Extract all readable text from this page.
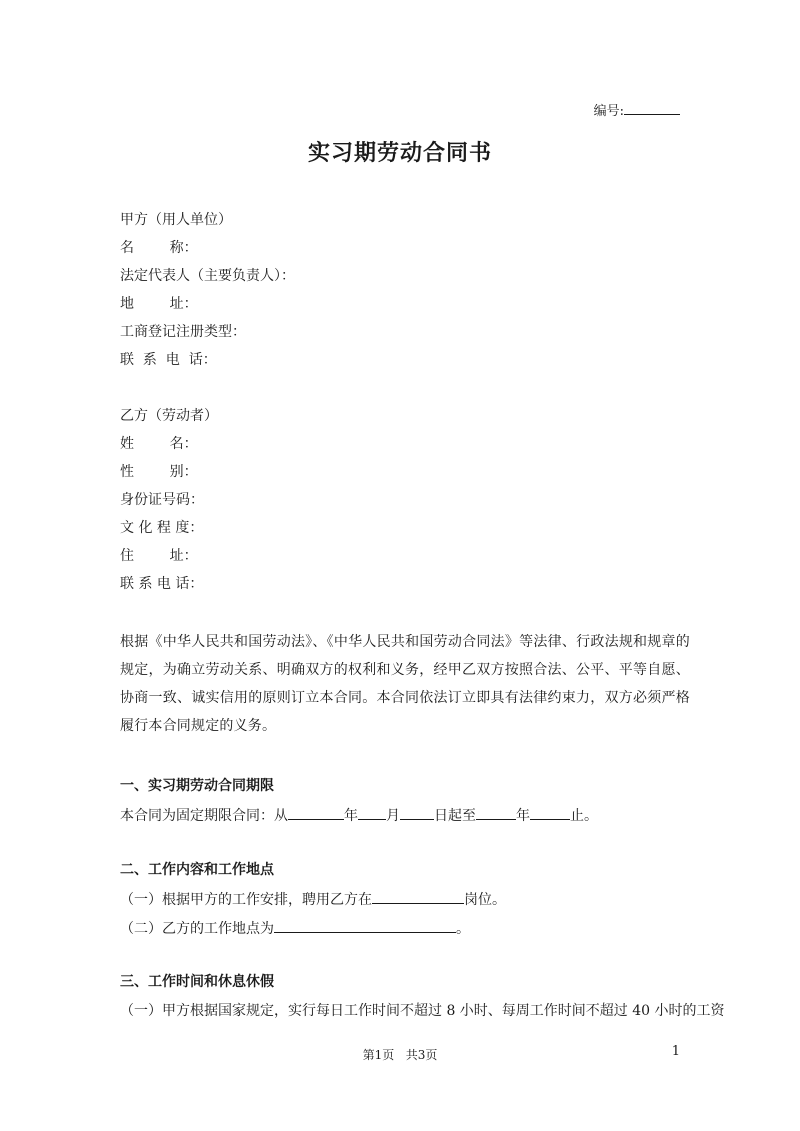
编号:
实习期劳动合同书
甲方（用人单位）
名        称：
法定代表人（主要负责人）：
地        址：
工商登记注册类型：
联  系  电  话：
乙方（劳动者）
姓        名：
性        别：
身份证号码：
文 化 程 度：
住        址：
联 系 电 话：
根据《中华人民共和国劳动法》、《中华人民共和国劳动合同法》等法律、行政法规和规章的规定，为确立劳动关系、明确双方的权利和义务，经甲乙双方按照合法、公平、平等自愿、协商一致、诚实信用的原则订立本合同。本合同依法订立即具有法律约束力，双方必须严格履行本合同规定的义务。
一、实习期劳动合同期限
本合同为固定期限合同：从	年 月 日起至	年	止。
二、工作内容和工作地点
（一）根据甲方的工作安排，聘用乙方在	岗位。
（二）乙方的工作地点为	。
三、工作时间和休息休假
（一）甲方根据国家规定，实行每日工作时间不超过 8 小时、每周工作时间不超过 40 小时的工资
第1页   共3页	1
